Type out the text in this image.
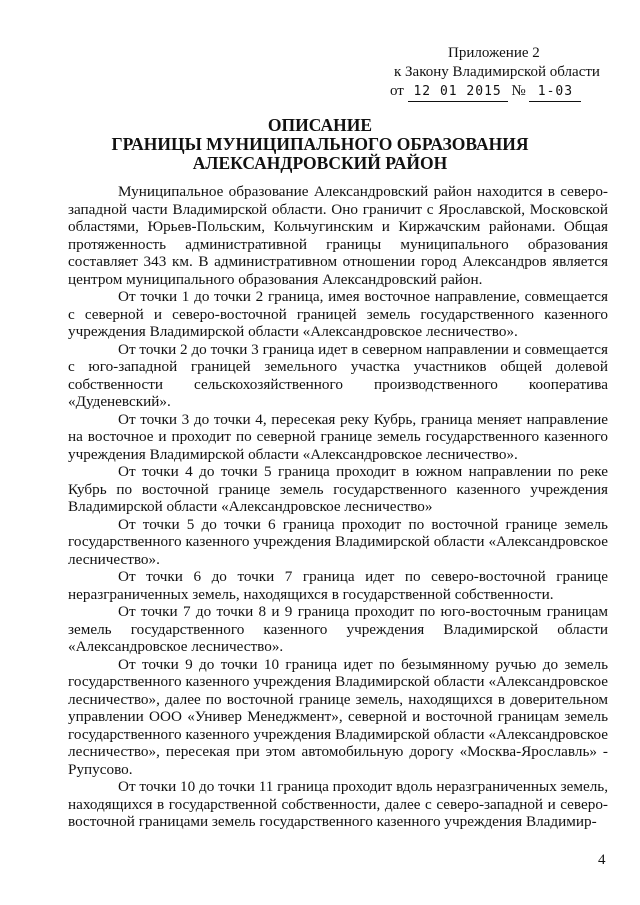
Приложение 2
к Закону Владимирской области
от 12 01 2015 № 1-03
ОПИСАНИЕ
ГРАНИЦЫ МУНИЦИПАЛЬНОГО ОБРАЗОВАНИЯ
АЛЕКСАНДРОВСКИЙ РАЙОН

Муниципальное образование Александровский район находится в северо-западной части Владимирской области. Оно граничит с Ярославской, Московской областями, Юрьев-Польским, Кольчугинским и Киржачским районами. Общая протяженность административной границы муниципального образования составляет 343 км. В административном отношении город Александров является центром муниципального образования Александровский район.

От точки 1 до точки 2 граница, имея восточное направление, совмещается с северной и северо-восточной границей земель государственного казенного учреждения Владимирской области «Александровское лесничество».

От точки 2 до точки 3 граница идет в северном направлении и совмещается с юго-западной границей земельного участка участников общей долевой собственности сельскохозяйственного производственного кооператива «Дуденевский».

От точки 3 до точки 4, пересекая реку Кубрь, граница меняет направление на восточное и проходит по северной границе земель государственного казенного учреждения Владимирской области «Александровское лесничество».

От точки 4 до точки 5 граница проходит в южном направлении по реке Кубрь по восточной границе земель государственного казенного учреждения Владимирской области «Александровское лесничество»

От точки 5 до точки 6 граница проходит по восточной границе земель государственного казенного учреждения Владимирской области «Александровское лесничество».

От точки 6 до точки 7 граница идет по северо-восточной границе неразграниченных земель, находящихся в государственной собственности.

От точки 7 до точки 8 и 9 граница проходит по юго-восточным границам земель государственного казенного учреждения Владимирской области «Александровское лесничество».

От точки 9 до точки 10 граница идет по безымянному ручью до земель государственного казенного учреждения Владимирской области «Александровское лесничество», далее по восточной границе земель, находящихся в доверительном управлении ООО «Универ Менеджмент», северной и восточной границам земель государственного казенного учреждения Владимирской области «Александровское лесничество», пересекая при этом автомобильную дорогу «Москва-Ярославль» - Рупусово.

От точки 10 до точки 11 граница проходит вдоль неразграниченных земель, находящихся в государственной собственности, далее с северо-западной и северо-восточной границами земель государственного казенного учреждения Владимир-

4
